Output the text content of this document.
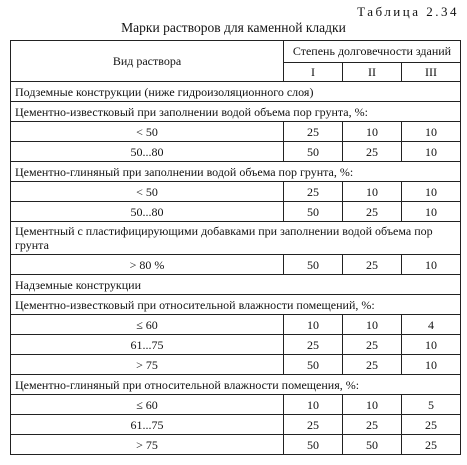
Таблица 2.34
Марки растворов для каменной кладки
Вид раствора	Степень долговечности зданий		
	I	II	III
Подземные конструкции (ниже гидроизоляционного слоя)			
Цементно-известковый при заполнении водой объема пор грунта, %:			
< 50	25	10	10
50...80	50	25	10
Цементно-глиняный при заполнении водой объема пор грунта, %:			
< 50	25	10	10
50...80	50	25	10
Цементный с пластифицирующими добавками при заполнении водой объема пор грунта			
> 80 %	50	25	10
Надземные конструкции			
Цементно-известковый при относительной влажности помещений, %:			
≤ 60	10	10	4
61...75	25	25	10
> 75	50	25	10
Цементно-глиняный при относительной влажности помещения, %:			
≤ 60	10	10	5
61...75	25	25	25
> 75	50	50	25
